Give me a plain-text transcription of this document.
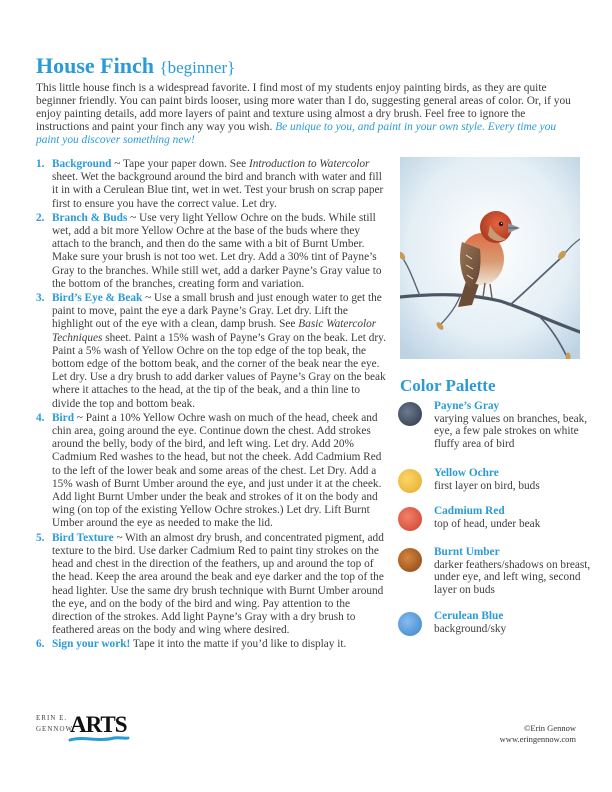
House Finch {beginner}

This little house finch is a widespread favorite. I find most of my students enjoy painting birds, as they are quite beginner friendly. You can paint birds looser, using more water than I do, suggesting general areas of color. Or, if you enjoy painting details, add more layers of paint and texture using almost a dry brush. Feel free to ignore the instructions and paint your finch any way you wish. Be unique to you, and paint in your own style. Every time you paint you discover something new!

1. Background ~ Tape your paper down. See Introduction to Watercolor sheet. Wet the background around the bird and branch with water and fill it in with a Cerulean Blue tint, wet in wet. Test your brush on scrap paper first to ensure you have the correct value. Let dry.
2. Branch & Buds ~ Use very light Yellow Ochre on the buds. While still wet, add a bit more Yellow Ochre at the base of the buds where they attach to the branch, and then do the same with a bit of Burnt Umber. Make sure your brush is not too wet. Let dry. Add a 30% tint of Payne’s Gray to the branches. While still wet, add a darker Payne’s Gray value to the bottom of the branches, creating form and variation.
3. Bird’s Eye & Beak ~ Use a small brush and just enough water to get the paint to move, paint the eye a dark Payne’s Gray. Let dry. Lift the highlight out of the eye with a clean, damp brush. See Basic Watercolor Techniques sheet. Paint a 15% wash of Payne’s Gray on the beak. Let dry. Paint a 5% wash of Yellow Ochre on the top edge of the top beak, the bottom edge of the bottom beak, and the corner of the beak near the eye. Let dry. Use a dry brush to add darker values of Payne’s Gray on the beak where it attaches to the head, at the tip of the beak, and a thin line to divide the top and bottom beak.
4. Bird ~ Paint a 10% Yellow Ochre wash on much of the head, cheek and chin area, going around the eye. Continue down the chest. Add strokes around the belly, body of the bird, and left wing. Let dry. Add 20% Cadmium Red washes to the head, but not the cheek. Add Cadmium Red to the left of the lower beak and some areas of the chest. Let Dry. Add a 15% wash of Burnt Umber around the eye, and just under it at the cheek. Add light Burnt Umber under the beak and strokes of it on the body and wing (on top of the existing Yellow Ochre strokes.) Let dry. Lift Burnt Umber around the eye as needed to make the lid.
5. Bird Texture ~ With an almost dry brush, and concentrated pigment, add texture to the bird. Use darker Cadmium Red to paint tiny strokes on the head and chest in the direction of the feathers, up and around the top of the head. Keep the area around the beak and eye darker and the top of the head lighter. Use the same dry brush technique with Burnt Umber around the eye, and on the body of the bird and wing. Pay attention to the direction of the strokes. Add light Payne’s Gray with a dry brush to feathered areas on the body and wing where desired.
6. Sign your work! Tape it into the matte if you’d like to display it.
Color Palette
Payne’s Gray
varying values on branches, beak, eye, a few pale strokes on white fluffy area of bird
Yellow Ochre
first layer on bird, buds
Cadmium Red
top of head, under beak
Burnt Umber
darker feathers/shadows on breast, under eye, and left wing, second layer on buds
Cerulean Blue
background/sky
ERIN E.
GENNOW
ARTS	©Erin Gennow
www.eringennow.com
